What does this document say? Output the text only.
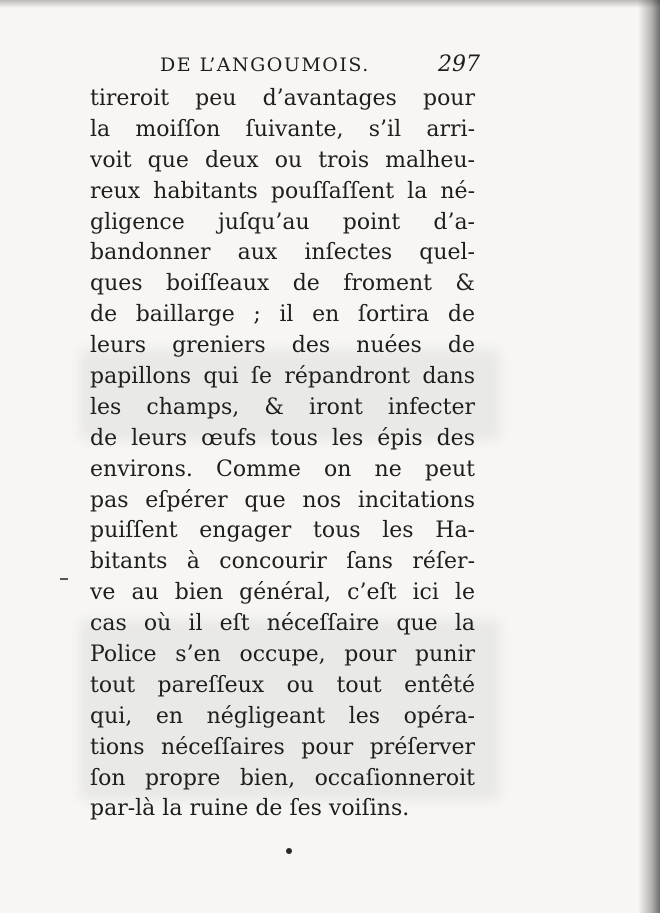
DE L’ANGOUMOIS.	297
tireroit peu d’avantages pour
la moiſſon ſuivante, s’il arri-
voit que deux ou trois malheu-
reux habitants pouſſaſſent la né-
gligence juſqu’au point d’a-
bandonner aux inſectes quel-
ques boiſſeaux de froment &
de baillarge ; il en ſortira de
leurs greniers des nuées de
papillons qui ſe répandront dans
les champs, & iront infecter
de leurs œufs tous les épis des
environs. Comme on ne peut
pas eſpérer que nos incitations
puiſſent engager tous les Ha-
bitants à concourir ſans réſer-
ve au bien général, c’eſt ici le
cas où il eſt néceſſaire que la
Police s’en occupe, pour punir
tout pareſſeux ou tout entêté
qui, en négligeant les opéra-
tions néceſſaires pour préſerver
ſon propre bien, occaſionneroit
par-là la ruine de ſes voiſins.
